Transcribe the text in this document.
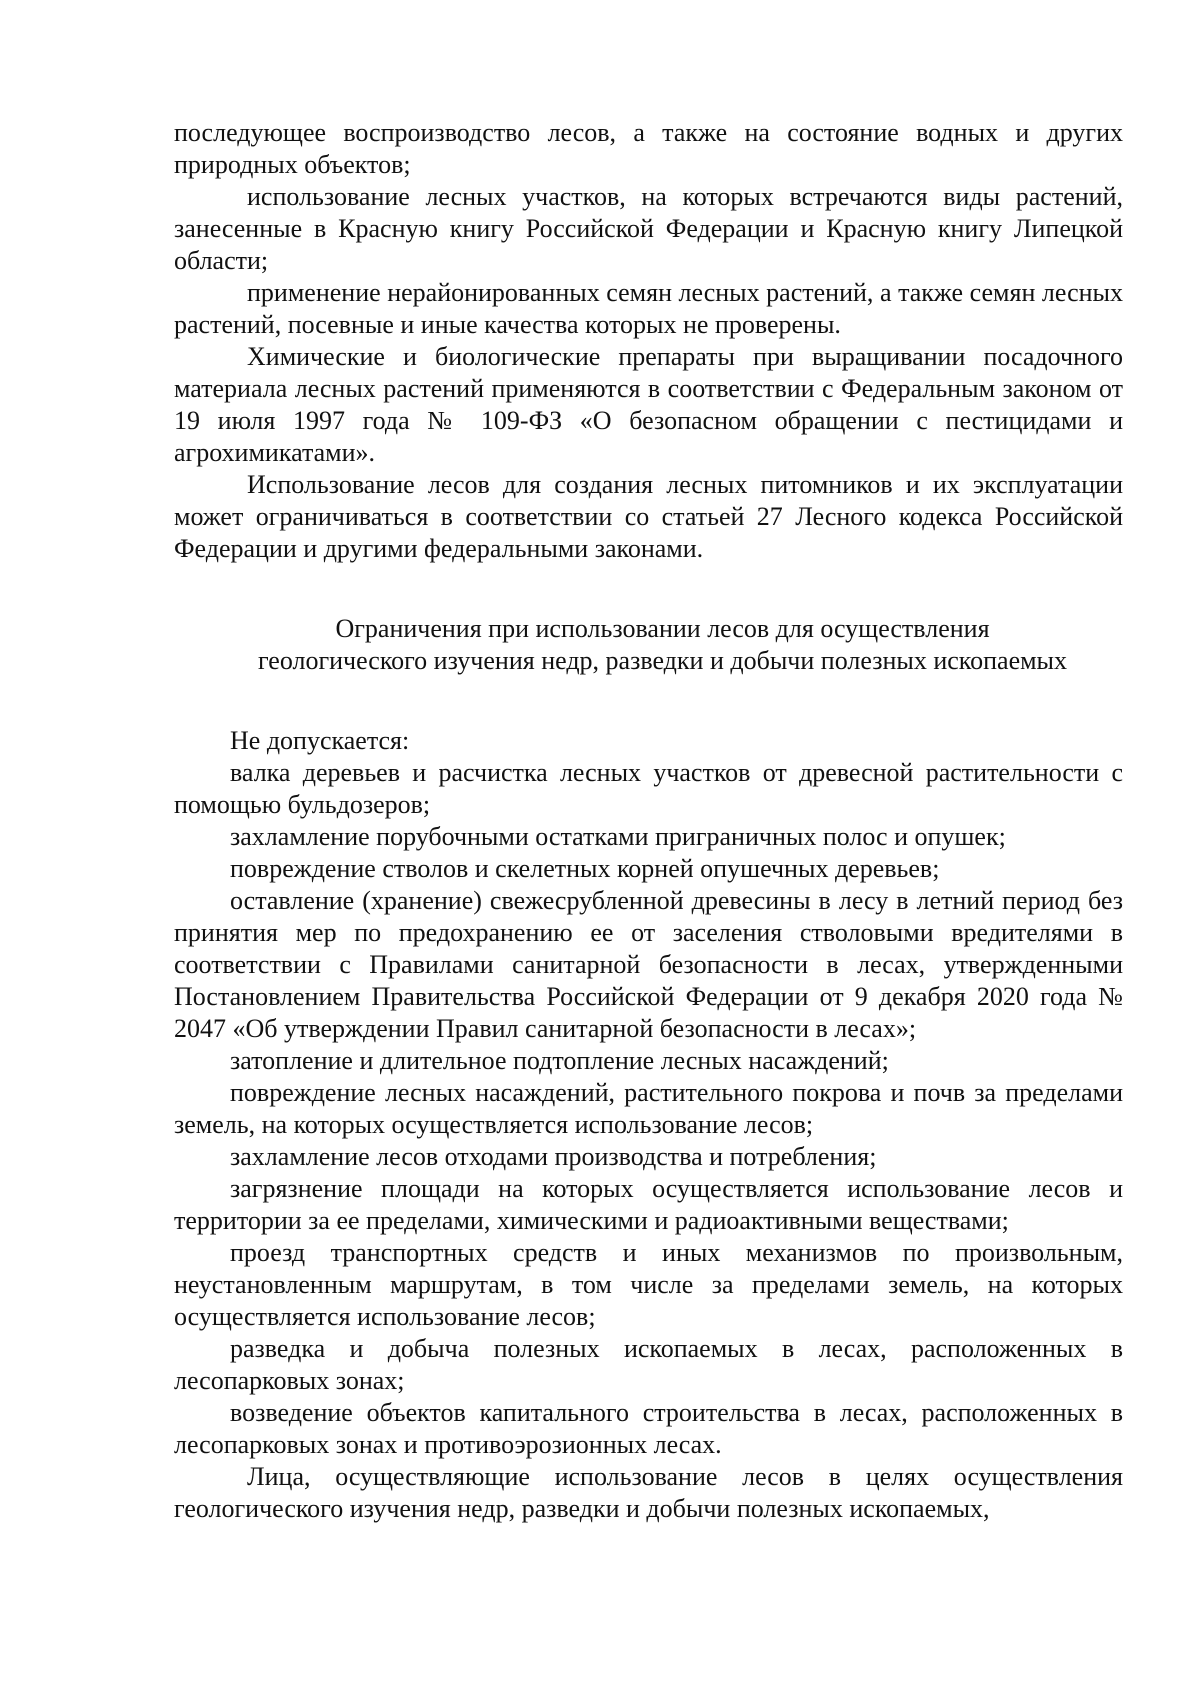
последующее воспроизводство лесов, а также на состояние водных и других природных объектов;

использование лесных участков, на которых встречаются виды растений, занесенные в Красную книгу Российской Федерации и Красную книгу Липецкой области;

применение нерайонированных семян лесных растений, а также семян лесных растений, посевные и иные качества которых не проверены.

Химические и биологические препараты при выращивании посадочного материала лесных растений применяются в соответствии с Федеральным законом от 19 июля 1997 года № 109-ФЗ «О безопасном обращении с пестицидами и агрохимикатами».

Использование лесов для создания лесных питомников и их эксплуатации может ограничиваться в соответствии со статьей 27 Лесного кодекса Российской Федерации и другими федеральными законами.

Ограничения при использовании лесов для осуществления
геологического изучения недр, разведки и добычи полезных ископаемых

Не допускается:

валка деревьев и расчистка лесных участков от древесной растительности с помощью бульдозеров;

захламление порубочными остатками приграничных полос и опушек;

повреждение стволов и скелетных корней опушечных деревьев;

оставление (хранение) свежесрубленной древесины в лесу в летний период без принятия мер по предохранению ее от заселения стволовыми вредителями в соответствии с Правилами санитарной безопасности в лесах, утвержденными Постановлением Правительства Российской Федерации от 9 декабря 2020 года № 2047 «Об утверждении Правил санитарной безопасности в лесах»;

затопление и длительное подтопление лесных насаждений;

повреждение лесных насаждений, растительного покрова и почв за пределами земель, на которых осуществляется использование лесов;

захламление лесов отходами производства и потребления;

загрязнение площади на которых осуществляется использование лесов и территории за ее пределами, химическими и радиоактивными веществами;

проезд транспортных средств и иных механизмов по произвольным, неустановленным маршрутам, в том числе за пределами земель, на которых осуществляется использование лесов;

разведка и добыча полезных ископаемых в лесах, расположенных в лесопарковых зонах;

возведение объектов капитального строительства в лесах, расположенных в лесопарковых зонах и противоэрозионных лесах.

Лица, осуществляющие использование лесов в целях осуществления геологического изучения недр, разведки и добычи полезных ископаемых,
